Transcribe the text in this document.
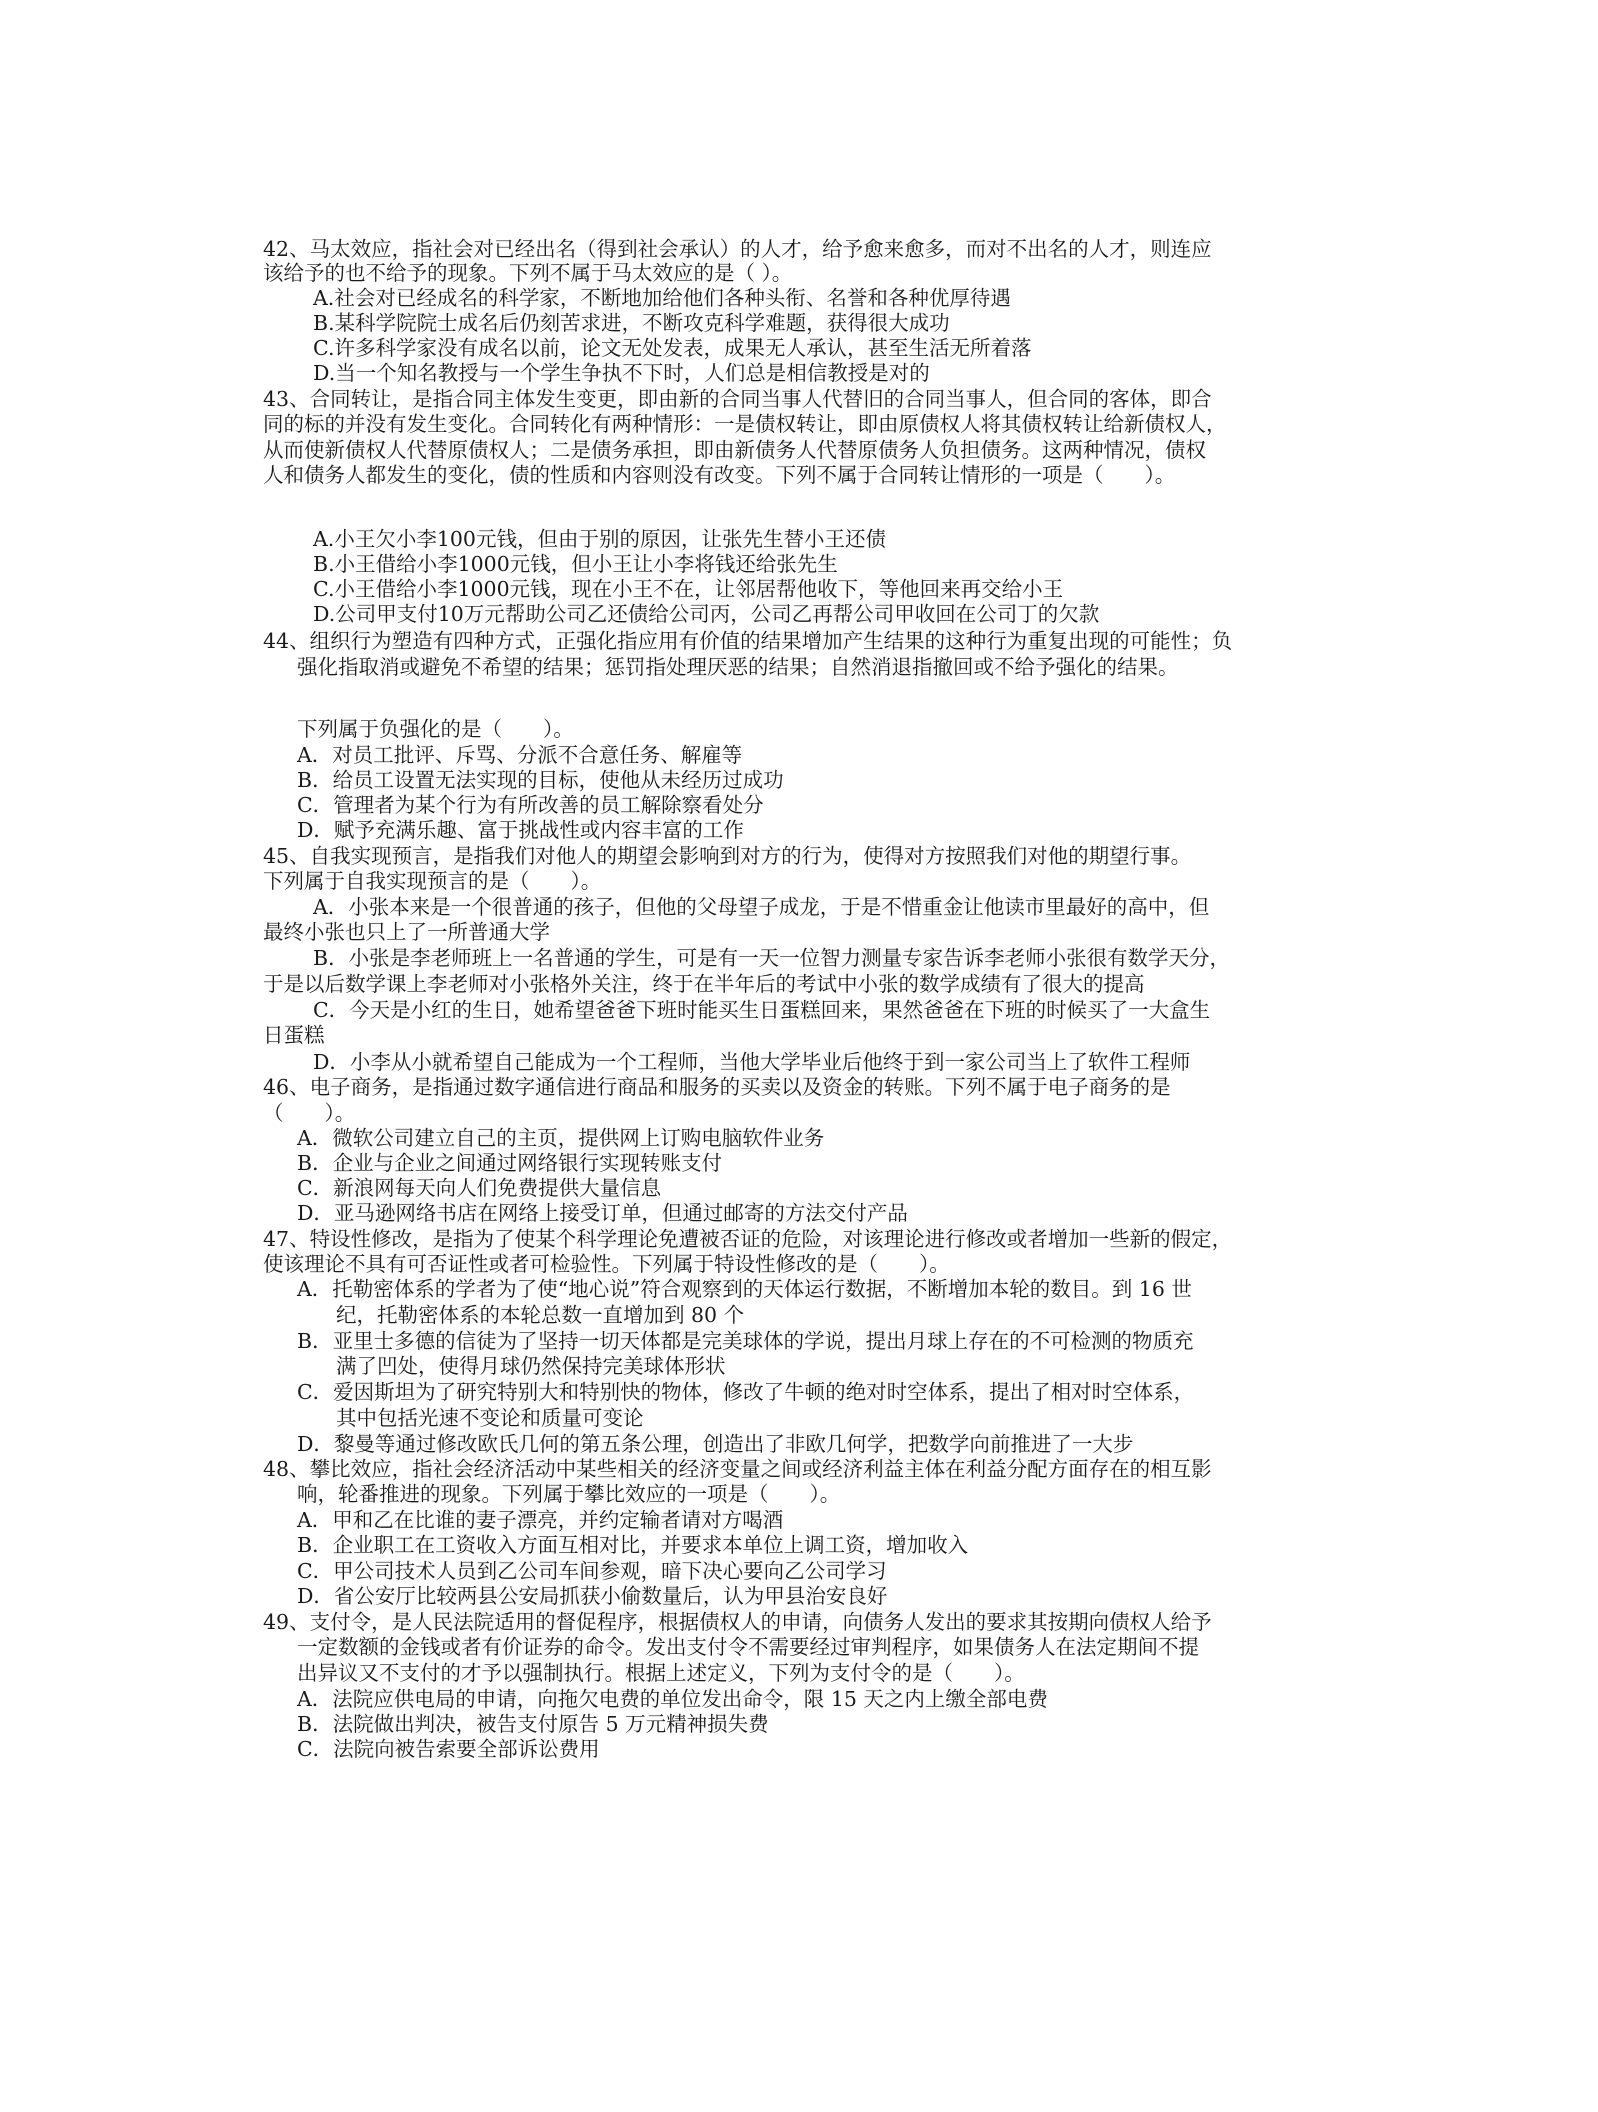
42、马太效应，指社会对已经出名（得到社会承认）的人才，给予愈来愈多，而对不出名的人才，则连应
该给予的也不给予的现象。下列不属于马太效应的是（ ）。
A.社会对已经成名的科学家，不断地加给他们各种头衔、名誉和各种优厚待遇
B.某科学院院士成名后仍刻苦求进，不断攻克科学难题，获得很大成功
C.许多科学家没有成名以前，论文无处发表，成果无人承认，甚至生活无所着落
D.当一个知名教授与一个学生争执不下时，人们总是相信教授是对的
43、合同转让，是指合同主体发生变更，即由新的合同当事人代替旧的合同当事人，但合同的客体，即合
同的标的并没有发生变化。合同转化有两种情形：一是债权转让，即由原债权人将其债权转让给新债权人，
从而使新债权人代替原债权人；二是债务承担，即由新债务人代替原债务人负担债务。这两种情况，债权
人和债务人都发生的变化，债的性质和内容则没有改变。下列不属于合同转让情形的一项是（　　）。
A.小王欠小李100元钱，但由于别的原因，让张先生替小王还债
B.小王借给小李1000元钱，但小王让小李将钱还给张先生
C.小王借给小李1000元钱，现在小王不在，让邻居帮他收下，等他回来再交给小王
D.公司甲支付10万元帮助公司乙还债给公司丙，公司乙再帮公司甲收回在公司丁的欠款
44、组织行为塑造有四种方式，正强化指应用有价值的结果增加产生结果的这种行为重复出现的可能性；负
强化指取消或避免不希望的结果；惩罚指处理厌恶的结果；自然消退指撤回或不给予强化的结果。
下列属于负强化的是（　　）。
A．对员工批评、斥骂、分派不合意任务、解雇等
B．给员工设置无法实现的目标，使他从未经历过成功
C．管理者为某个行为有所改善的员工解除察看处分
D．赋予充满乐趣、富于挑战性或内容丰富的工作
45、自我实现预言，是指我们对他人的期望会影响到对方的行为，使得对方按照我们对他的期望行事。
下列属于自我实现预言的是（　　）。
A．小张本来是一个很普通的孩子，但他的父母望子成龙，于是不惜重金让他读市里最好的高中，但
最终小张也只上了一所普通大学
B．小张是李老师班上一名普通的学生，可是有一天一位智力测量专家告诉李老师小张很有数学天分，
于是以后数学课上李老师对小张格外关注，终于在半年后的考试中小张的数学成绩有了很大的提高
C．今天是小红的生日，她希望爸爸下班时能买生日蛋糕回来，果然爸爸在下班的时候买了一大盒生
日蛋糕
D．小李从小就希望自己能成为一个工程师，当他大学毕业后他终于到一家公司当上了软件工程师
46、电子商务，是指通过数字通信进行商品和服务的买卖以及资金的转账。下列不属于电子商务的是
（　　）。
A．微软公司建立自己的主页，提供网上订购电脑软件业务
B．企业与企业之间通过网络银行实现转账支付
C．新浪网每天向人们免费提供大量信息
D．亚马逊网络书店在网络上接受订单，但通过邮寄的方法交付产品
47、特设性修改，是指为了使某个科学理论免遭被否证的危险，对该理论进行修改或者增加一些新的假定，
使该理论不具有可否证性或者可检验性。下列属于特设性修改的是（　　）。
A．托勒密体系的学者为了使“地心说”符合观察到的天体运行数据，不断增加本轮的数目。到 16 世
纪，托勒密体系的本轮总数一直增加到 80 个
B．亚里士多德的信徒为了坚持一切天体都是完美球体的学说，提出月球上存在的不可检测的物质充
满了凹处，使得月球仍然保持完美球体形状
C．爱因斯坦为了研究特别大和特别快的物体，修改了牛顿的绝对时空体系，提出了相对时空体系，
其中包括光速不变论和质量可变论
D．黎曼等通过修改欧氏几何的第五条公理，创造出了非欧几何学，把数学向前推进了一大步
48、攀比效应，指社会经济活动中某些相关的经济变量之间或经济利益主体在利益分配方面存在的相互影
响，轮番推进的现象。下列属于攀比效应的一项是（　　）。
A．甲和乙在比谁的妻子漂亮，并约定输者请对方喝酒
B．企业职工在工资收入方面互相对比，并要求本单位上调工资，增加收入
C．甲公司技术人员到乙公司车间参观，暗下决心要向乙公司学习
D．省公安厅比较两县公安局抓获小偷数量后，认为甲县治安良好
49、支付令，是人民法院适用的督促程序，根据债权人的申请，向债务人发出的要求其按期向债权人给予
一定数额的金钱或者有价证券的命令。发出支付令不需要经过审判程序，如果债务人在法定期间不提
出异议又不支付的才予以强制执行。根据上述定义，下列为支付令的是（　　）。
A．法院应供电局的申请，向拖欠电费的单位发出命令，限 15 天之内上缴全部电费
B．法院做出判决，被告支付原告 5 万元精神损失费
C．法院向被告索要全部诉讼费用
